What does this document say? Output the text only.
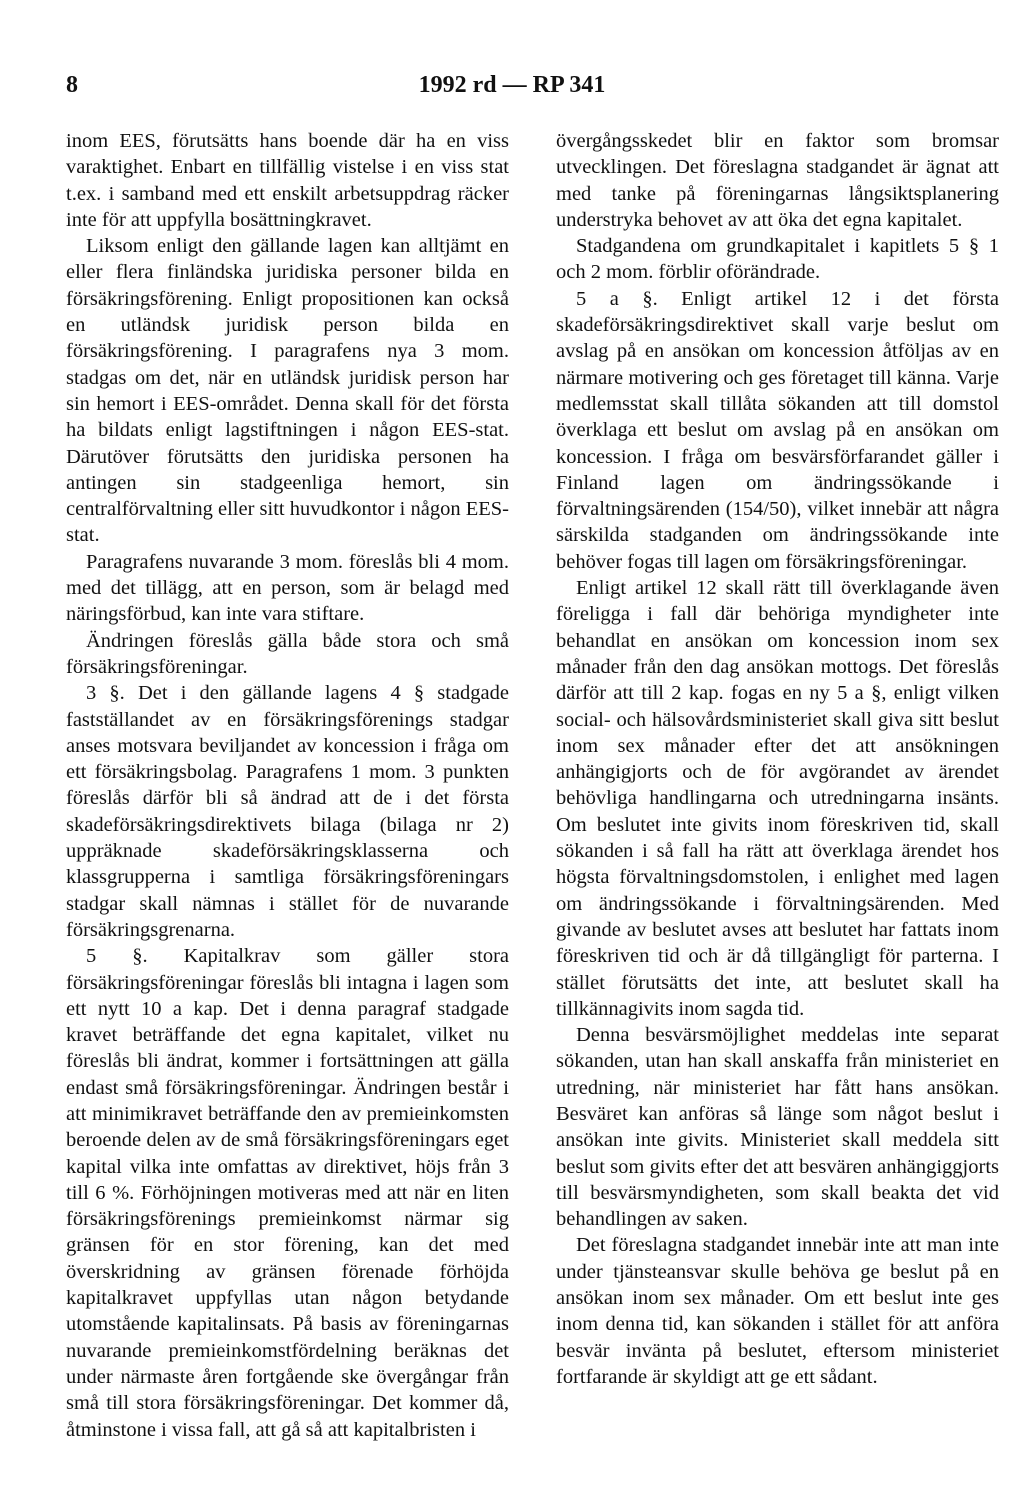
8	1992 rd — RP 341

inom EES, förutsätts hans boende där ha en viss varaktighet. Enbart en tillfällig vistelse i en viss stat t.ex. i samband med ett enskilt arbetsuppdrag räcker inte för att uppfylla bosättningkravet.

Liksom enligt den gällande lagen kan alltjämt en eller flera finländska juridiska personer bilda en försäkringsförening. Enligt propositionen kan också en utländsk juridisk person bilda en försäkringsförening. I paragrafens nya 3 mom. stadgas om det, när en utländsk juridisk person har sin hemort i EES-området. Denna skall för det första ha bildats enligt lagstiftningen i någon EES-stat. Därutöver förutsätts den juridiska personen ha antingen sin stadgeenliga hemort, sin centralförvaltning eller sitt huvudkontor i någon EES-stat.

Paragrafens nuvarande 3 mom. föreslås bli 4 mom. med det tillägg, att en person, som är belagd med näringsförbud, kan inte vara stiftare.

Ändringen föreslås gälla både stora och små försäkringsföreningar.

3 §. Det i den gällande lagens 4 § stadgade fastställandet av en försäkringsförenings stadgar anses motsvara beviljandet av koncession i fråga om ett försäkringsbolag. Paragrafens 1 mom. 3 punkten föreslås därför bli så ändrad att de i det första skadeförsäkringsdirektivets bilaga (bilaga nr 2) uppräknade skadeförsäkringsklasserna och klassgrupperna i samtliga försäkringsföreningars stadgar skall nämnas i stället för de nuvarande försäkringsgrenarna.

5 §. Kapitalkrav som gäller stora försäkringsföreningar föreslås bli intagna i lagen som ett nytt 10 a kap. Det i denna paragraf stadgade kravet beträffande det egna kapitalet, vilket nu föreslås bli ändrat, kommer i fortsättningen att gälla endast små försäkringsföreningar. Ändringen består i att minimikravet beträffande den av premieinkomsten beroende delen av de små försäkringsföreningars eget kapital vilka inte omfattas av direktivet, höjs från 3 till 6 %. Förhöjningen motiveras med att när en liten försäkringsförenings premieinkomst närmar sig gränsen för en stor förening, kan det med överskridning av gränsen förenade förhöjda kapitalkravet uppfyllas utan någon betydande utomstående kapitalinsats. På basis av föreningarnas nuvarande premieinkomstfördelning beräknas det under närmaste åren fortgående ske övergångar från små till stora försäkringsföreningar. Det kommer då, åtminstone i vissa fall, att gå så att kapitalbristen i

övergångsskedet blir en faktor som bromsar utvecklingen. Det föreslagna stadgandet är ägnat att med tanke på föreningarnas långsiktsplanering understryka behovet av att öka det egna kapitalet.

Stadgandena om grundkapitalet i kapitlets 5 § 1 och 2 mom. förblir oförändrade.

5 a §. Enligt artikel 12 i det första skadeförsäkringsdirektivet skall varje beslut om avslag på en ansökan om koncession åtföljas av en närmare motivering och ges företaget till känna. Varje medlemsstat skall tillåta sökanden att till domstol överklaga ett beslut om avslag på en ansökan om koncession. I fråga om besvärsförfarandet gäller i Finland lagen om ändringssökande i förvaltningsärenden (154/50), vilket innebär att några särskilda stadganden om ändringssökande inte behöver fogas till lagen om försäkringsföreningar.

Enligt artikel 12 skall rätt till överklagande även föreligga i fall där behöriga myndigheter inte behandlat en ansökan om koncession inom sex månader från den dag ansökan mottogs. Det föreslås därför att till 2 kap. fogas en ny 5 a §, enligt vilken social- och hälsovårdsministeriet skall giva sitt beslut inom sex månader efter det att ansökningen anhängigjorts och de för avgörandet av ärendet behövliga handlingarna och utredningarna insänts. Om beslutet inte givits inom föreskriven tid, skall sökanden i så fall ha rätt att överklaga ärendet hos högsta förvaltningsdomstolen, i enlighet med lagen om ändringssökande i förvaltningsärenden. Med givande av beslutet avses att beslutet har fattats inom föreskriven tid och är då tillgängligt för parterna. I stället förutsätts det inte, att beslutet skall ha tillkännagivits inom sagda tid.

Denna besvärsmöjlighet meddelas inte separat sökanden, utan han skall anskaffa från ministeriet en utredning, när ministeriet har fått hans ansökan. Besväret kan anföras så länge som något beslut i ansökan inte givits. Ministeriet skall meddela sitt beslut som givits efter det att besvären anhängiggjorts till besvärsmyndigheten, som skall beakta det vid behandlingen av saken.

Det föreslagna stadgandet innebär inte att man inte under tjänsteansvar skulle behöva ge beslut på en ansökan inom sex månader. Om ett beslut inte ges inom denna tid, kan sökanden i stället för att anföra besvär invänta på beslutet, eftersom ministeriet fortfarande är skyldigt att ge ett sådant.
